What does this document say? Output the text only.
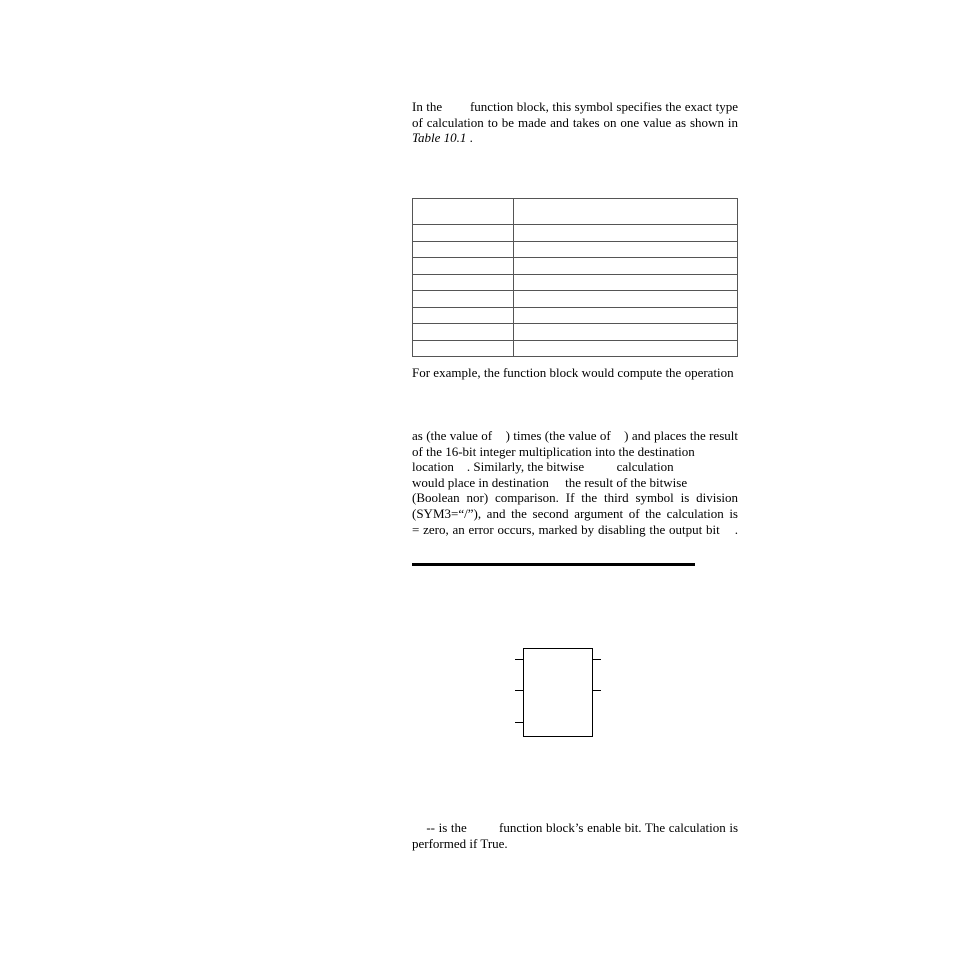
In the        function block, this symbol specifies the exact type
of calculation to be made and takes on one value as shown in
Table 10.1 .

For example, the function block would compute the operation
as (the value of    ) times (the value of    ) and places the result
of the 16-bit integer multiplication into the destination
location    . Similarly, the bitwise          calculation
would place in destination     the result of the bitwise
(Boolean nor) comparison. If the third symbol is division
(SYM3=“/”), and the second argument of the calculation is
= zero, an error occurs, marked by disabling the output bit    .
-- is the         function block’s enable bit. The calculation is
performed if True.
